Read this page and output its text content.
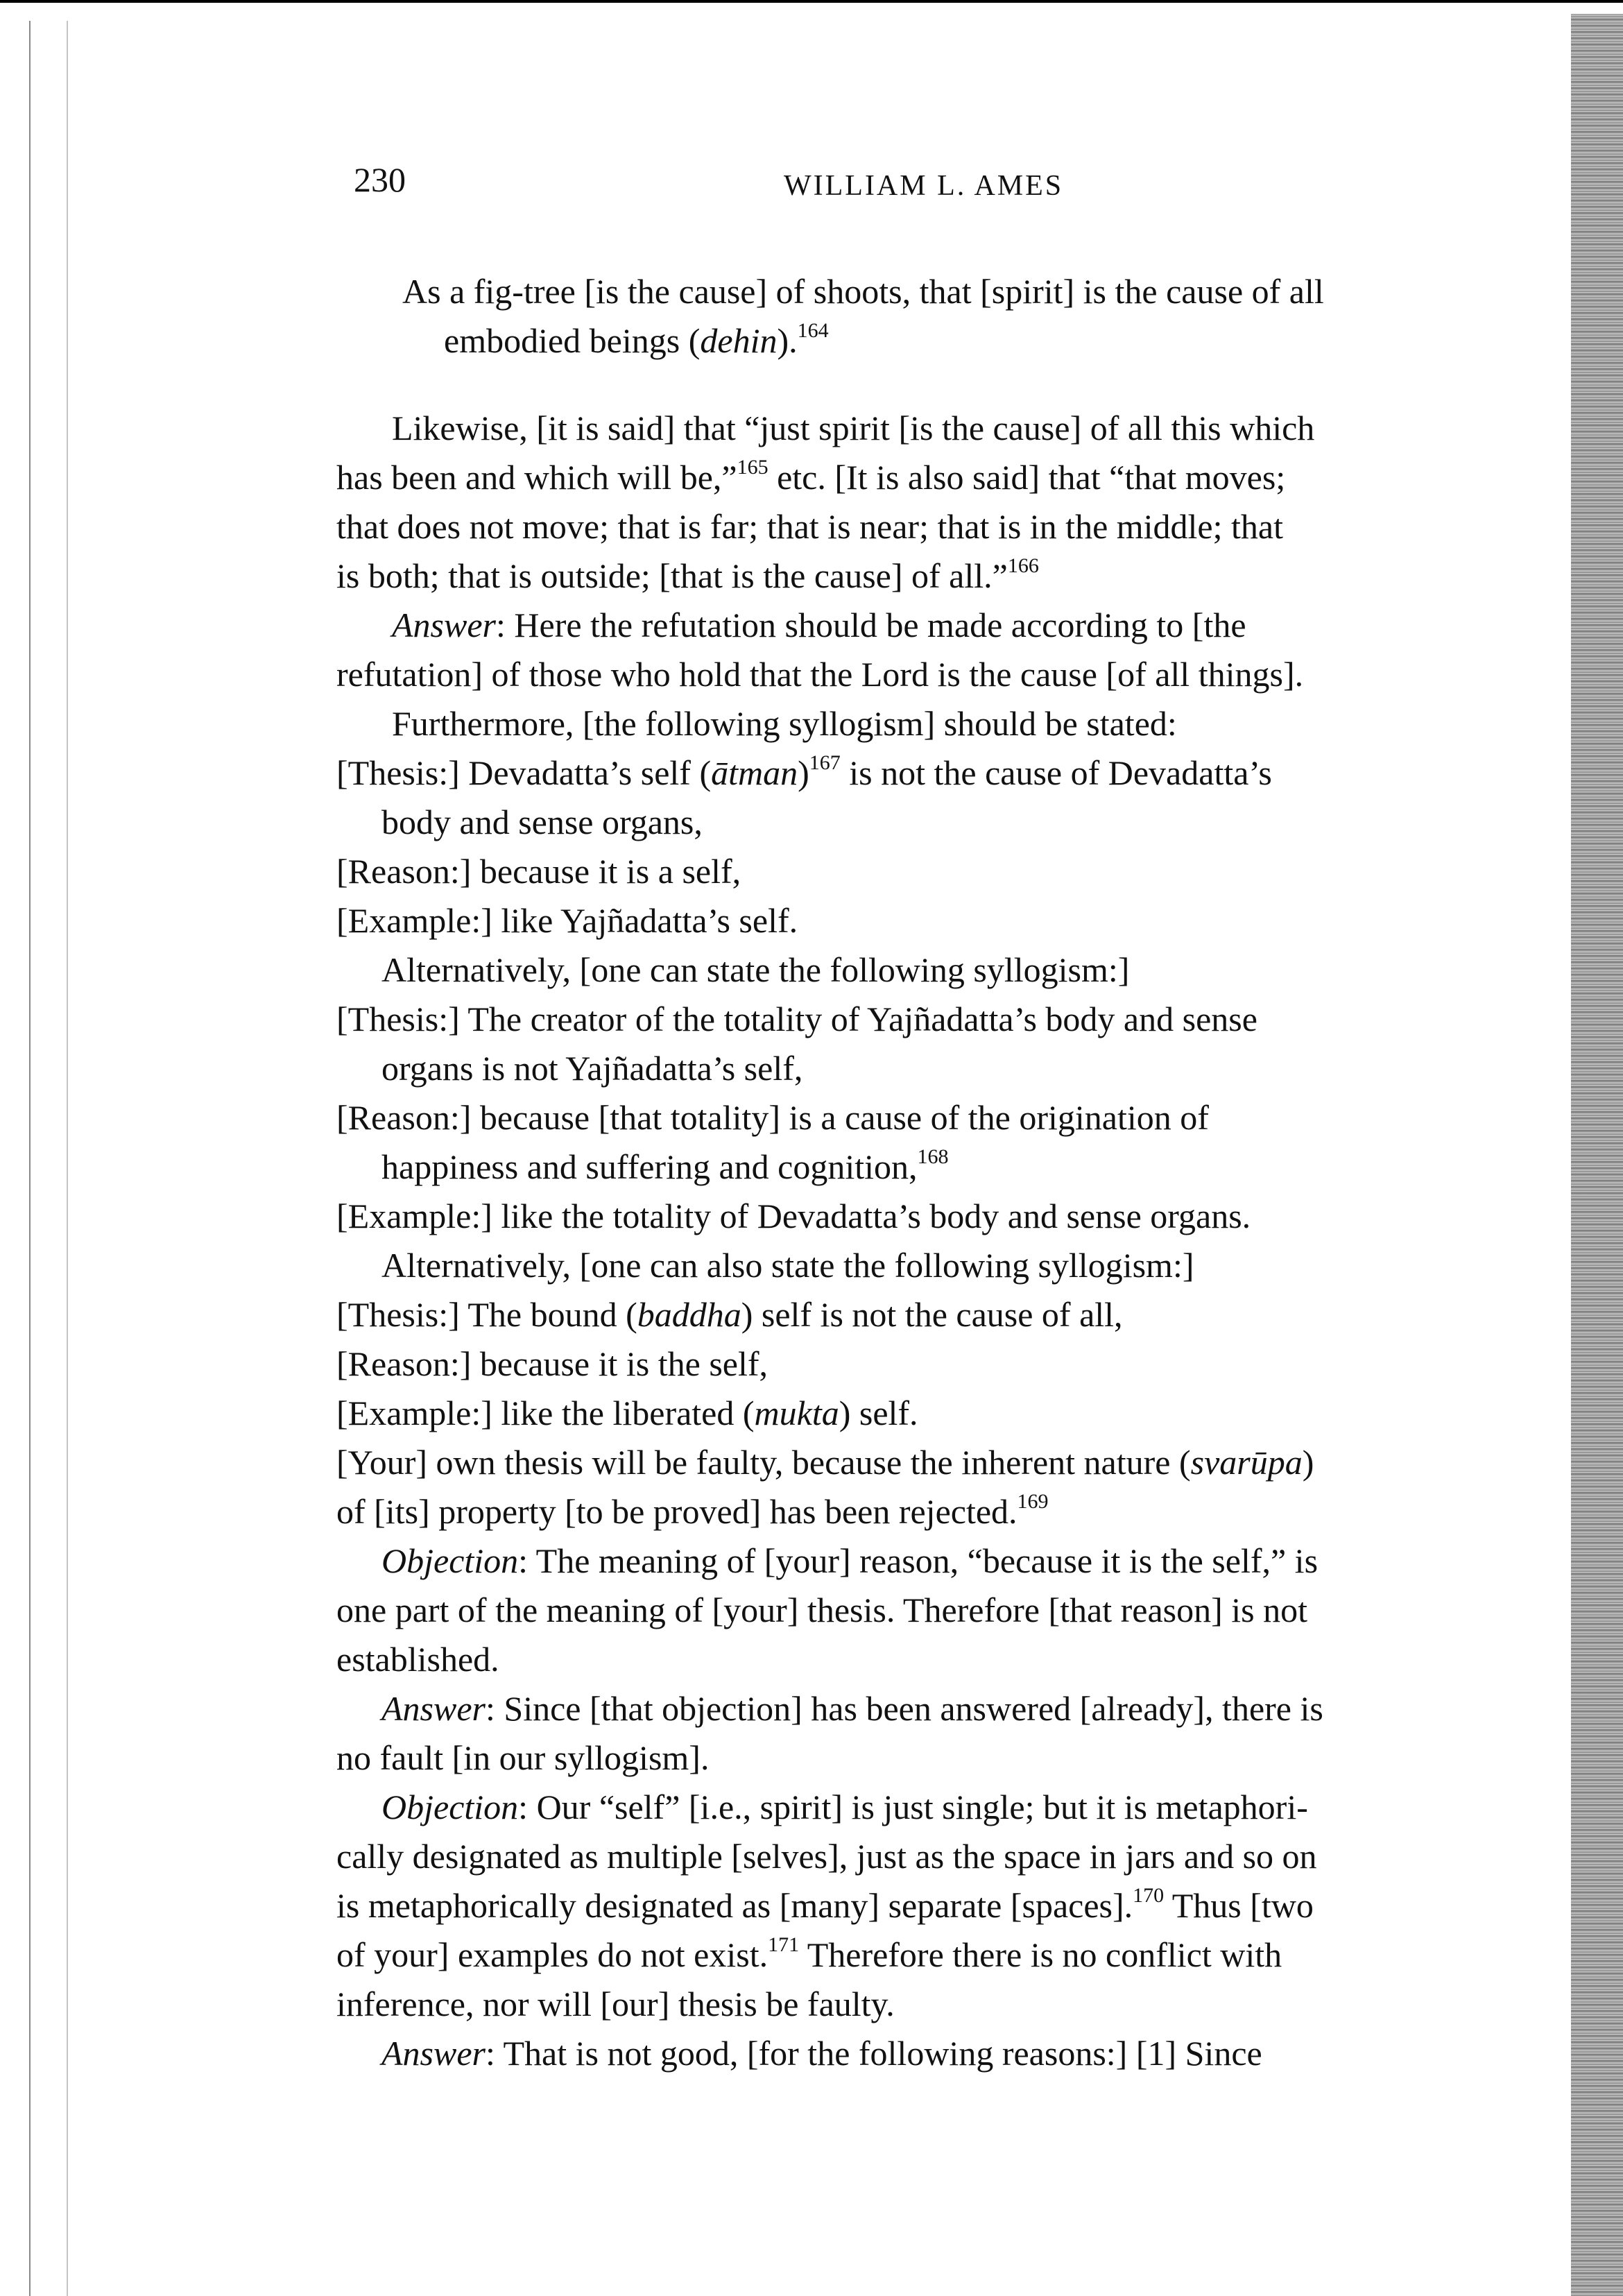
230	WILLIAM L. AMES
As a fig-tree [is the cause] of shoots, that [spirit] is the cause of all
embodied beings (dehin).$^{164}$
Likewise, [it is said] that “just spirit [is the cause] of all this which
has been and which will be,”$^{165}$ etc. [It is also said] that “that moves;
that does not move; that is far; that is near; that is in the middle; that
is both; that is outside; [that is the cause] of all.”$^{166}$
Answer: Here the refutation should be made according to [the
refutation] of those who hold that the Lord is the cause [of all things].
Furthermore, [the following syllogism] should be stated:
[Thesis:] Devadatta’s self (ātman)$^{167}$ is not the cause of Devadatta’s
body and sense organs,
[Reason:] because it is a self,
[Example:] like Yajñadatta’s self.
Alternatively, [one can state the following syllogism:]
[Thesis:] The creator of the totality of Yajñadatta’s body and sense
organs is not Yajñadatta’s self,
[Reason:] because [that totality] is a cause of the origination of
happiness and suffering and cognition,$^{168}$
[Example:] like the totality of Devadatta’s body and sense organs.
Alternatively, [one can also state the following syllogism:]
[Thesis:] The bound (baddha) self is not the cause of all,
[Reason:] because it is the self,
[Example:] like the liberated (mukta) self.
[Your] own thesis will be faulty, because the inherent nature (svarūpa)
of [its] property [to be proved] has been rejected.$^{169}$
Objection: The meaning of [your] reason, “because it is the self,” is
one part of the meaning of [your] thesis. Therefore [that reason] is not
established.
Answer: Since [that objection] has been answered [already], there is
no fault [in our syllogism].
Objection: Our “self” [i.e., spirit] is just single; but it is metaphori-
cally designated as multiple [selves], just as the space in jars and so on
is metaphorically designated as [many] separate [spaces].$^{170}$ Thus [two
of your] examples do not exist.$^{171}$ Therefore there is no conflict with
inference, nor will [our] thesis be faulty.
Answer: That is not good, [for the following reasons:] [1] Since
